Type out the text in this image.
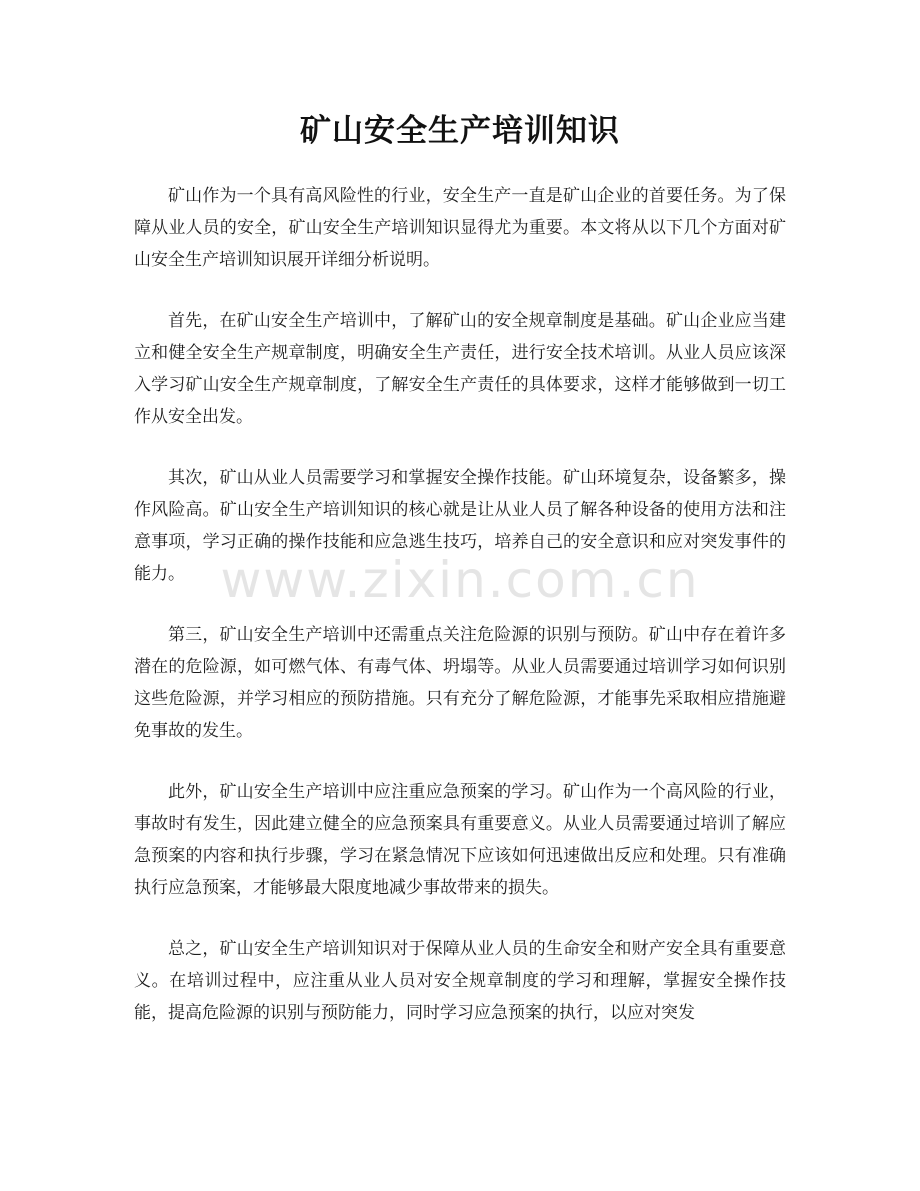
矿山安全生产培训知识

矿山作为一个具有高风险性的行业，安全生产一直是矿山企业的首要任务。为了保障从业人员的安全，矿山安全生产培训知识显得尤为重要。本文将从以下几个方面对矿山安全生产培训知识展开详细分析说明。

首先，在矿山安全生产培训中，了解矿山的安全规章制度是基础。矿山企业应当建立和健全安全生产规章制度，明确安全生产责任，进行安全技术培训。从业人员应该深入学习矿山安全生产规章制度，了解安全生产责任的具体要求，这样才能够做到一切工作从安全出发。

其次，矿山从业人员需要学习和掌握安全操作技能。矿山环境复杂，设备繁多，操作风险高。矿山安全生产培训知识的核心就是让从业人员了解各种设备的使用方法和注意事项，学习正确的操作技能和应急逃生技巧，培养自己的安全意识和应对突发事件的能力。

第三，矿山安全生产培训中还需重点关注危险源的识别与预防。矿山中存在着许多潜在的危险源，如可燃气体、有毒气体、坍塌等。从业人员需要通过培训学习如何识别这些危险源，并学习相应的预防措施。只有充分了解危险源，才能事先采取相应措施避免事故的发生。

此外，矿山安全生产培训中应注重应急预案的学习。矿山作为一个高风险的行业，事故时有发生，因此建立健全的应急预案具有重要意义。从业人员需要通过培训了解应急预案的内容和执行步骤，学习在紧急情况下应该如何迅速做出反应和处理。只有准确执行应急预案，才能够最大限度地减少事故带来的损失。

总之，矿山安全生产培训知识对于保障从业人员的生命安全和财产安全具有重要意义。在培训过程中，应注重从业人员对安全规章制度的学习和理解，掌握安全操作技能，提高危险源的识别与预防能力，同时学习应急预案的执行，以应对突发

www.zixin.com.cn
